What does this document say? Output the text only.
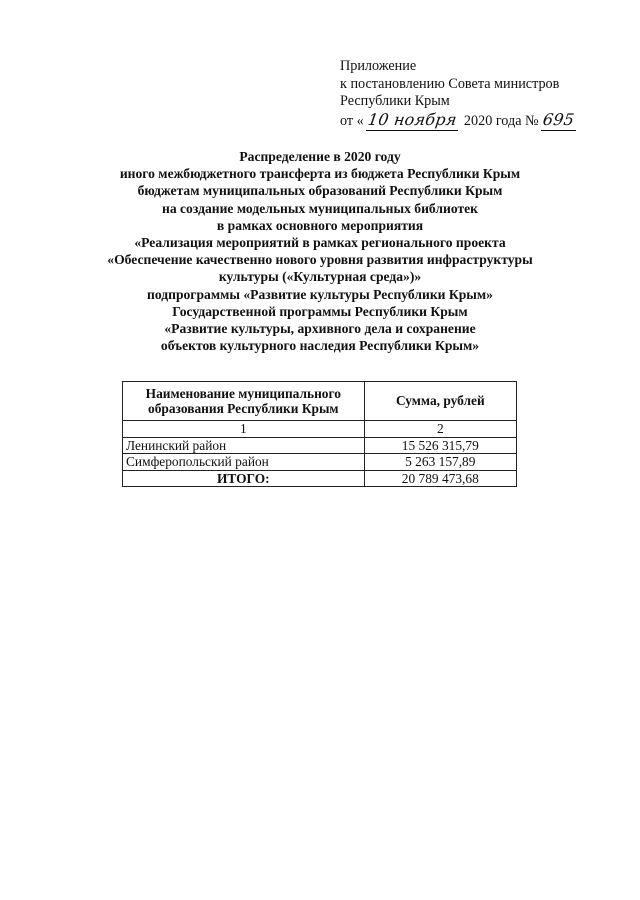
Приложение
к постановлению Совета министров
Республики Крым
от « 10 ноября 2020 года № 695
Распределение в 2020 году
иного межбюджетного трансферта из бюджета Республики Крым
бюджетам муниципальных образований Республики Крым
на создание модельных муниципальных библиотек
в рамках основного мероприятия
«Реализация мероприятий в рамках регионального проекта
«Обеспечение качественно нового уровня развития инфраструктуры
культуры («Культурная среда»)»
подпрограммы «Развитие культуры Республики Крым»
Государственной программы Республики Крым
«Развитие культуры, архивного дела и сохранение
объектов культурного наследия Республики Крым»
Наименование муниципального образования Республики Крым	Сумма, рублей
1	2
Ленинский район	15 526 315,79
Симферопольский район	5 263 157,89
ИТОГО:	20 789 473,68
